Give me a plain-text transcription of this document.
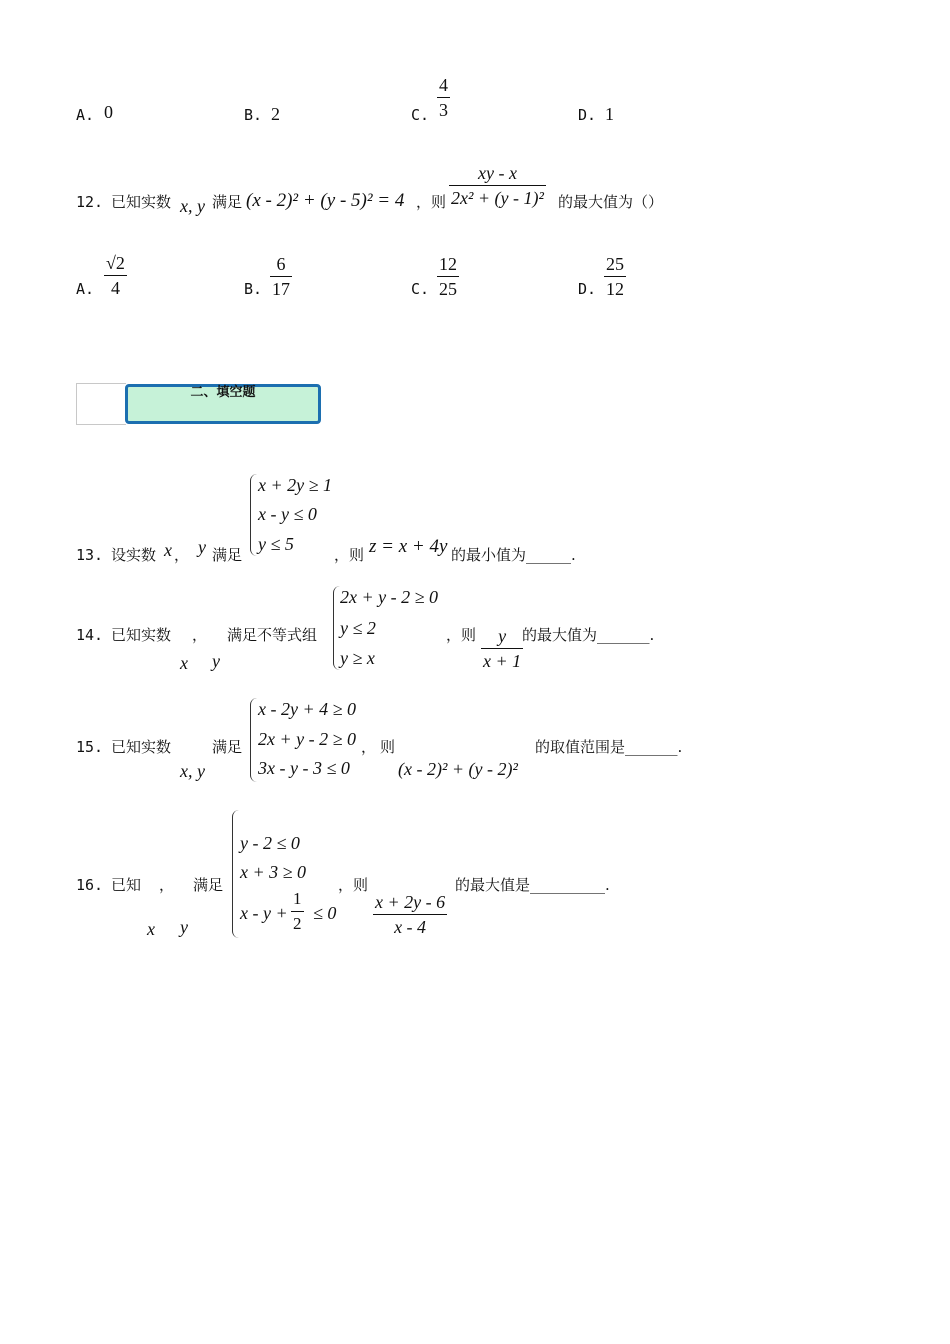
A. 0	B. 2	C.
4
3	D. 1
12. 已知实数 x, y 满足 (x - 2)² + (y - 5)² = 4 ，则
xy - x
2x² + (y - 1)² 的最大值为（）
A.
√2
4	B.
6
17	C.
12
25	D.
25
12
二、填空题
13. 设实数 x ， y 满足
x + 2y ≥ 1
x - y ≤ 0
y ≤ 5
，则 z = x + 4y 的最小值为______.
14. 已知实数 ， 满足不等式组
x y
2x + y - 2 ≥ 0
y ≤ 2
y ≥ x
，则 y
x + 1
的最大值为_______.
15. 已知实数
x, y
满足
x - 2y + 4 ≥ 0
2x + y - 2 ≥ 0
3x - y - 3 ≤ 0
， 则
(x - 2)² + (y - 2)²
的取值范围是_______.
16. 已知 ， 满足
x y
y - 2 ≤ 0
x + 3 ≥ 0
x - y +
1
2
≤ 0
，则
x + 2y - 6
x - 4
的最大值是__________.
